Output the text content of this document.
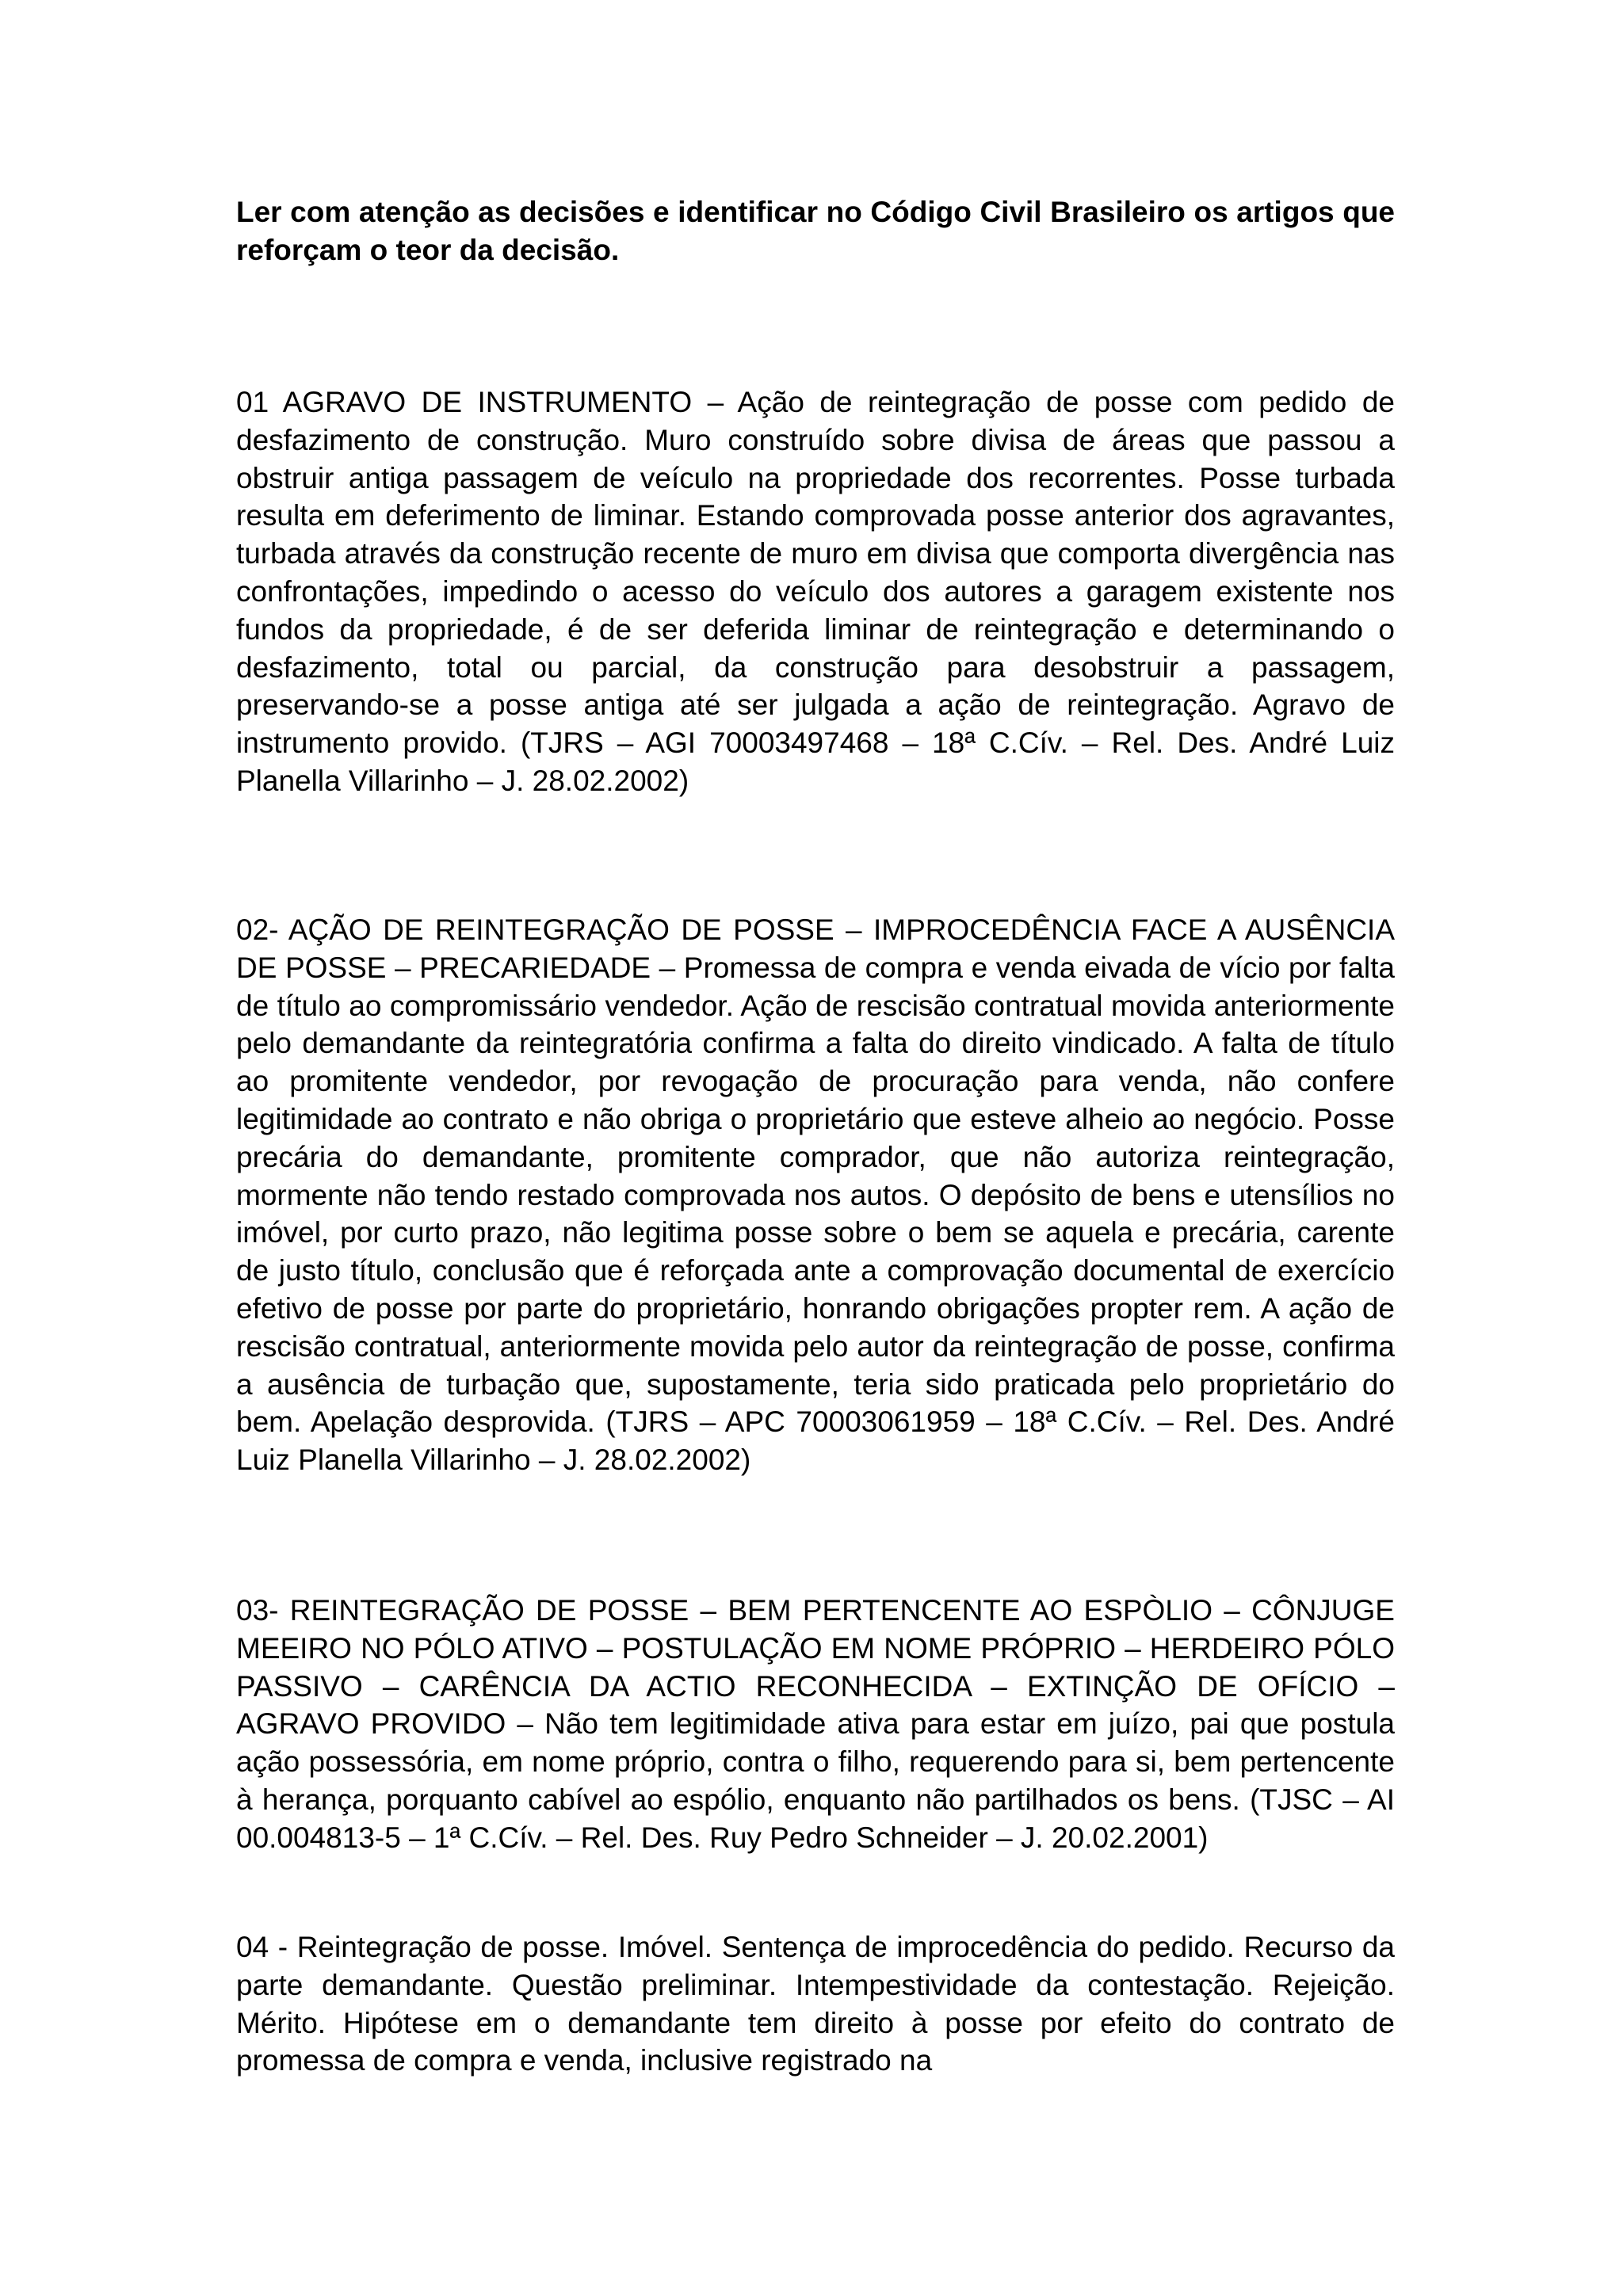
Ler com atenção as decisões e identificar no Código Civil Brasileiro os artigos que reforçam o teor da decisão.

01 AGRAVO DE INSTRUMENTO – Ação de reintegração de posse com pedido de desfazimento de construção. Muro construído sobre divisa de áreas que passou a obstruir antiga passagem de veículo na propriedade dos recorrentes. Posse turbada resulta em deferimento de liminar. Estando comprovada posse anterior dos agravantes, turbada através da construção recente de muro em divisa que comporta divergência nas confrontações, impedindo o acesso do veículo dos autores a garagem existente nos fundos da propriedade, é de ser deferida liminar de reintegração e determinando o desfazimento, total ou parcial, da construção para desobstruir a passagem, preservando-se a posse antiga até ser julgada a ação de reintegração. Agravo de instrumento provido. (TJRS – AGI 70003497468 – 18ª C.Cív. – Rel. Des. André Luiz Planella Villarinho – J. 28.02.2002)

02- AÇÃO DE REINTEGRAÇÃO DE POSSE – IMPROCEDÊNCIA FACE A AUSÊNCIA DE POSSE – PRECARIEDADE – Promessa de compra e venda eivada de vício por falta de título ao compromissário vendedor. Ação de rescisão contratual movida anteriormente pelo demandante da reintegratória confirma a falta do direito vindicado. A falta de título ao promitente vendedor, por revogação de procuração para venda, não confere legitimidade ao contrato e não obriga o proprietário que esteve alheio ao negócio. Posse precária do demandante, promitente comprador, que não autoriza reintegração, mormente não tendo restado comprovada nos autos. O depósito de bens e utensílios no imóvel, por curto prazo, não legitima posse sobre o bem se aquela e precária, carente de justo título, conclusão que é reforçada ante a comprovação documental de exercício efetivo de posse por parte do proprietário, honrando obrigações propter rem. A ação de rescisão contratual, anteriormente movida pelo autor da reintegração de posse, confirma a ausência de turbação que, supostamente, teria sido praticada pelo proprietário do bem. Apelação desprovida. (TJRS – APC 70003061959 – 18ª C.Cív. – Rel. Des. André Luiz Planella Villarinho – J. 28.02.2002)

03- REINTEGRAÇÃO DE POSSE – BEM PERTENCENTE AO ESPÒLIO – CÔNJUGE MEEIRO NO PÓLO ATIVO – POSTULAÇÃO EM NOME PRÓPRIO – HERDEIRO PÓLO PASSIVO – CARÊNCIA DA ACTIO RECONHECIDA – EXTINÇÃO DE OFÍCIO – AGRAVO PROVIDO – Não tem legitimidade ativa para estar em juízo, pai que postula ação possessória, em nome próprio, contra o filho, requerendo para si, bem pertencente à herança, porquanto cabível ao espólio, enquanto não partilhados os bens. (TJSC – AI 00.004813-5 – 1ª C.Cív. – Rel. Des. Ruy Pedro Schneider – J. 20.02.2001)

04 - Reintegração de posse. Imóvel. Sentença de improcedência do pedido. Recurso da parte demandante. Questão preliminar. Intempestividade da contestação. Rejeição. Mérito. Hipótese em o demandante tem direito à posse por efeito do contrato de promessa de compra e venda, inclusive registrado na
